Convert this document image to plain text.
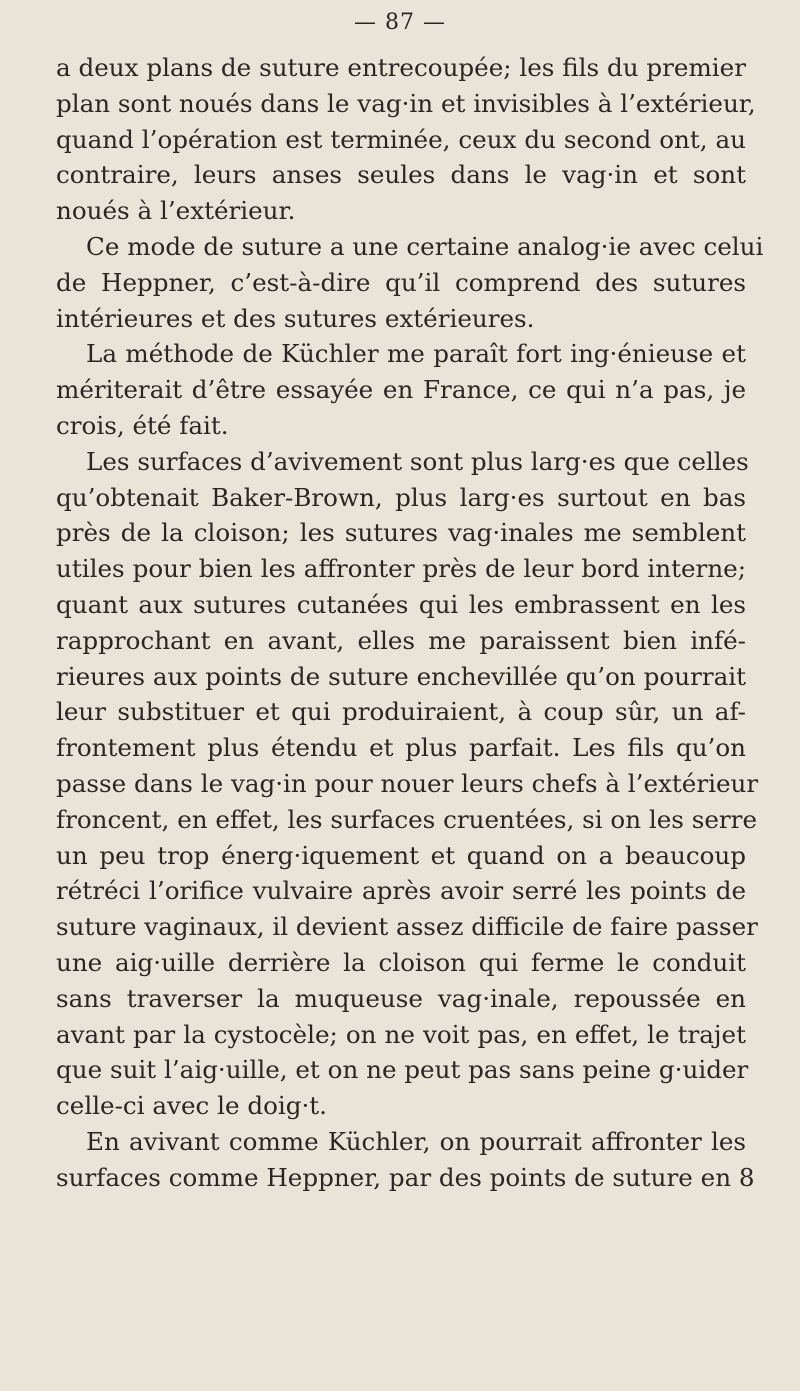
— 87 —
a deux plans de suture entrecoupée; les fils du premier
plan sont noués dans le vag·in et invisibles à l’extérieur,
quand l’opération est terminée, ceux du second ont, au
contraire, leurs anses seules dans le vag·in et sont
noués à l’extérieur.
Ce mode de suture a une certaine analog·ie avec celui
de Heppner, c’est-à-dire qu’il comprend des sutures
intérieures et des sutures extérieures.
La méthode de Küchler me paraît fort ing·énieuse et
mériterait d’être essayée en France, ce qui n’a pas, je
crois, été fait.
Les surfaces d’avivement sont plus larg·es que celles
qu’obtenait Baker-Brown, plus larg·es surtout en bas
près de la cloison; les sutures vag·inales me semblent
utiles pour bien les affronter près de leur bord interne;
quant aux sutures cutanées qui les embrassent en les
rapprochant en avant, elles me paraissent bien infé-
rieures aux points de suture enchevillée qu’on pourrait
leur substituer et qui produiraient, à coup sûr, un af-
frontement plus étendu et plus parfait. Les fils qu’on
passe dans le vag·in pour nouer leurs chefs à l’extérieur
froncent, en effet, les surfaces cruentées, si on les serre
un peu trop énerg·iquement et quand on a beaucoup
rétréci l’orifice vulvaire après avoir serré les points de
suture vaginaux, il devient assez difficile de faire passer
une aig·uille derrière la cloison qui ferme le conduit
sans traverser la muqueuse vag·inale, repoussée en
avant par la cystocèle; on ne voit pas, en effet, le trajet
que suit l’aig·uille, et on ne peut pas sans peine g·uider
celle-ci avec le doig·t.
En avivant comme Küchler, on pourrait affronter les
surfaces comme Heppner, par des points de suture en 8
